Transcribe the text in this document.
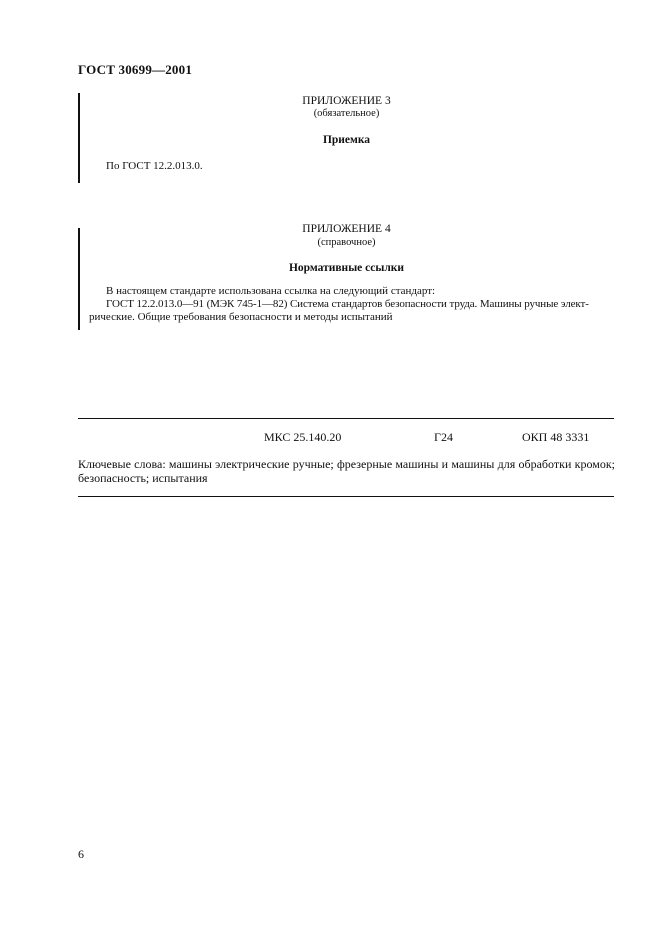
ГОСТ 30699—2001
ПРИЛОЖЕНИЕ 3
(обязательное)
Приемка
По ГОСТ 12.2.013.0.
ПРИЛОЖЕНИЕ 4
(справочное)
Нормативные ссылки
В настоящем стандарте использована ссылка на следующий стандарт:
ГОСТ 12.2.013.0—91 (МЭК 745-1—82) Система стандартов безопасности труда. Машины ручные элект-
рические. Общие требования безопасности и методы испытаний
МКС 25.140.20	Г24	ОКП 48 3331
Ключевые слова: машины электрические ручные; фрезерные машины и машины для обработки кромок; безопасность; испытания
6
